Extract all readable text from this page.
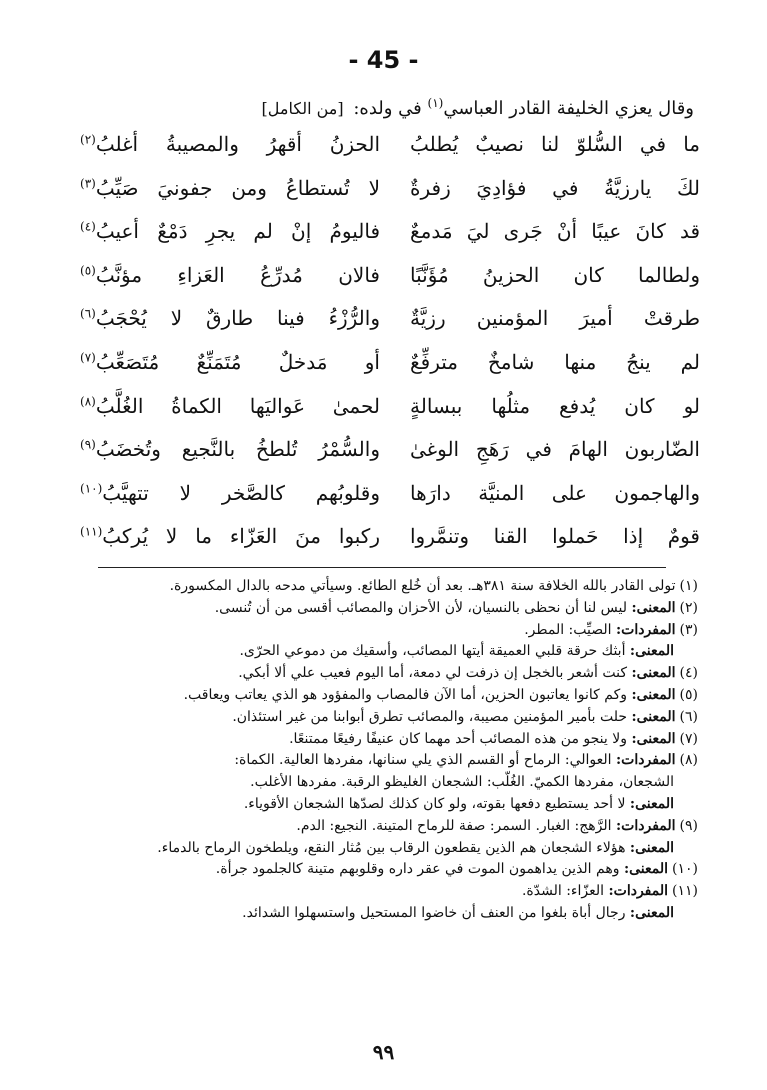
- 45 -
وقال يعزي الخليفة القادر العباسي$^{(١)}$ في ولده: [من الكامل]
ما في السُّلوّ لنا نصيبٌ يُطلبُ
الحزنُ أقهرُ والمصيبةُ أغلبُ$^{(٢)}$
لكَ يارزيَّةُ في فؤادِيَ زفرةٌ
لا تُستطاعُ ومن جفونيَ صَيِّبُ$^{(٣)}$
قد كانَ عيبًا أنْ جَرى ليَ مَدمعٌ
فاليومُ إنْ لم يجرِ دَمْعٌ أعيبُ$^{(٤)}$
ولطالما كان الحزينُ مُؤَنَّبًا
فالان مُدرِّعُ العَزاءِ مؤنَّبُ$^{(٥)}$
طرقتْ أميرَ المؤمنين رزيَّةٌ
والرُّزْءُ فينا طارقٌ لا يُحْجَبُ$^{(٦)}$
لم ينجُ منها شامخٌ مترفِّعٌ
أو مَدخلٌ مُتَمَنِّعٌ مُتَصَعِّبُ$^{(٧)}$
لو كان يُدفع مثلُها ببسالةٍ
لحمىٰ عَواليَها الكماةُ الغُلَّبُ$^{(٨)}$
الضّاربون الهامَ في رَهَجِ الوغىٰ
والسُّمْرُ تُلطخُ بالنَّجيع وتُخضَبُ$^{(٩)}$
والهاجمون على المنيَّة دارَها
وقلوبُهم كالصَّخر لا تتهيَّبُ$^{(١٠)}$
قومٌ إذا حَملوا القنا وتنمَّروا
ركبوا منَ العَزّاء ما لا يُركبُ$^{(١١)}$

(١)تولى القادر بالله الخلافة سنة ٣٨١هـ. بعد أن خُلع الطائع. وسيأتي مدحه بالدال المكسورة.

(٢)المعنى: ليس لنا أن نحظى بالنسيان، لأن الأحزان والمصائب أقسى من أن تُنسى.

(٣)المفردات: الصيِّب: المطر.

المعنى: أبثك حرقة قلبي العميقة أيتها المصائب، وأسقيك من دموعي الحرّى.

(٤)المعنى: كنت أشعر بالخجل إن ذرفت لي دمعة، أما اليوم فعيب علي ألا أبكي.

(٥)المعنى: وكم كانوا يعاتبون الحزين، أما الآن فالمصاب والمفؤود هو الذي يعاتب ويعاقب.

(٦)المعنى: حلت بأمير المؤمنين مصيبة، والمصائب تطرق أبوابنا من غير استئذان.

(٧)المعنى: ولا ينجو من هذه المصائب أحد مهما كان عنيفًا رفيعًا ممتنعًا.

(٨)المفردات: العوالي: الرماح أو القسم الذي يلي سنانها، مفردها العالية. الكماة:

الشجعان، مفردها الكميّ. الغُلّب: الشجعان الغليظو الرقبة. مفردها الأغلب.

المعنى: لا أحد يستطيع دفعها بقوته، ولو كان كذلك لصدّها الشجعان الأقوياء.

(٩)المفردات: الرَّهج: الغبار. السمر: صفة للرماح المتينة. النجيع: الدم.

المعنى: هؤلاء الشجعان هم الذين يقطعون الرقاب بين مُثار النقع، ويلطخون الرماح بالدماء.

(١٠)المعنى: وهم الذين يداهمون الموت في عقر داره وقلوبهم متينة كالجلمود جرأة.

(١١)المفردات: العزّاء: الشدّة.

المعنى: رجال أباة بلغوا من العنف أن خاضوا المستحيل واستسهلوا الشدائد.

٩٩
